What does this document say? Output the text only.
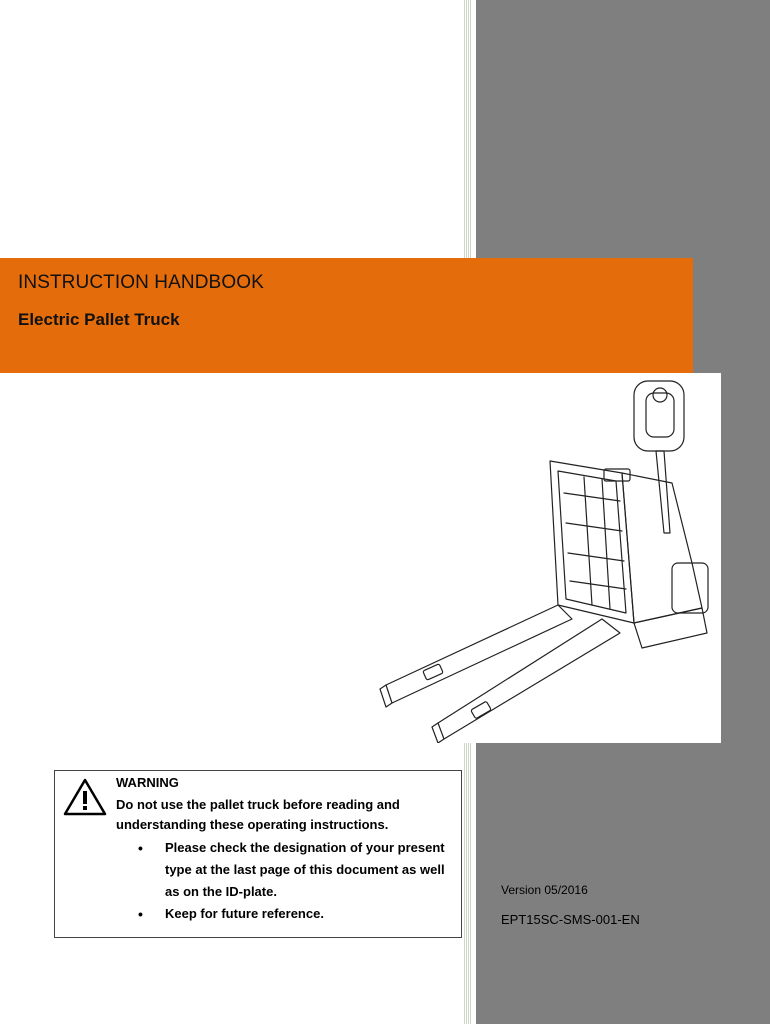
INSTRUCTION HANDBOOK
Electric Pallet Truck
WARNING
Do not use the pallet truck before reading and
understanding these operating instructions.
• Please check the designation of your present type at the last page of this document as well as on the ID-plate.
• Keep for future reference.
Version 05/2016
EPT15SC-SMS-001-EN
